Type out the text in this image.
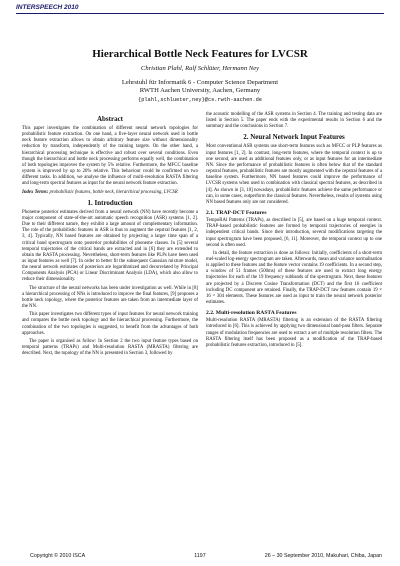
INTERSPEECH 2010
Hierarchical Bottle Neck Features for LVCSR
Christian Plahl, Ralf Schlüter, Hermann Ney
Lehrstuhl für Informatik 6 - Computer Science Department
RWTH Aachen University, Aachen, Germany
{plahl,schlueter,ney}@cs.rwth-aachen.de
Abstract

This paper investigates the combination of different neural network topologies for probabilistic feature extraction. On one hand, a five-layer neural network used in bottle neck feature extraction allows to obtain arbitrary feature size without dimensionality reduction by transform, independently of the training targets. On the other hand, a hierarchical processing technique is effective and robust over several conditions. Even though the hierarchical and bottle neck processing performs equally well, the combination of both topologies improves the system by 5% relative. Furthermore, the MFCC baseline system is improved by up to 20% relative. This behaviour could be confirmed on two different tasks. In addition, we analyse the influence of multi-resolution RASTA filtering and long-term spectral features as input for the neural network feature extraction.

Index Terms: probabilistic features, bottle neck, hierarchical processing, LVCSR

1. Introduction

Phoneme posterior estimates derived from a neural network (NN) have recently become a major component of state-of-the-art automatic speech recognition (ASR) systems [1, 2]. Due to their different nature, they exhibit a large amount of complementary information. The role of the probabilistic features in ASR is thus to augment the cepstral features [1, 2, 3, 4]. Typically, NN based features are obtained by projecting a larger time span of a critical band spectrogram onto posterior probabilities of phoneme classes. In [5] several temporal trajectories of the critical bands are extracted and in [6] they are extended to obtain the RASTA processing. Nevertheless, short-term features like PLPs have been used as input features as well [7]. In order to better fit the subsequent Gaussian mixture model, the neural network estimates of posteriors are logarithmized and decorrelated by Principal Components Analysis (PCA) or Linear Discriminant Analysis (LDA), which also allow to reduce their dimensionality.

The structure of the neural networks has been under investigation as well. While in [8] a hierarchical processing of NNs is introduced to improve the final features, [9] proposes a bottle neck topology, where the posterior features are taken from an intermediate layer of the NN.

This paper investigates two different types of input features for neural network training and compares the bottle neck topology and the hierarchical processing. Furthermore, the combination of the two topologies is suggested, to benefit from the advantages of both approaches.

The paper is organised as follow: In Section 2 the two input feature types based on temporal patterns (TRAPs) and Multi-resolution RASTA (MRASTA) filtering are described. Next, the topology of the NN is presented in Section 3, followed by

the acoustic modelling of the ASR systems in Section 4. The training and testing data are listed in Section 5. The paper ends with the experimental results in Section 6 and the summary and the conclusions in Section 7.

2. Neural Network Input Features

Most conventional ASR systems use short-term features such as MFCC or PLP features as input features [1, 2]. In contrast, long-term features, where the temporal context is up to one second, are used as additional features only, or as input features for an intermediate NN. Since the performance of probabilistic features is often below that of the standard cepstral features, probabilistic features are mostly augmented with the cepstral features of a baseline system. Furthermore, NN based features could improve the performance of LVCSR systems when used in combination with classical spectral features, as described in [4]. As shown in [3, 10] nowadays, probabilistic features achieve the same performance or can, in some cases, outperform the classical features. Nevertheless, results of systems using NN based features only are not considered.

2.1. TRAP-DCT Features

TempoRAl Patterns (TRAPs), as described in [5], are based on a huge temporal context. TRAP-based probabilistic features are formed by temporal trajectories of energies in independent critical bands. Since their introduction, several modifications targeting the input spectrogram have been proposed, [6, 11]. Moreover, the temporal context up to one second is often used.

In detail, the feature extraction is done as follows: Initially, coefficients of a short-term mel-scaled log-energy spectrogram are taken. Afterwards, mean and variance normalisation is applied to these features and the feature vector contains 19 coefficients. In a second step, a window of 51 frames (500ms) of these features are used to extract long energy trajectories for each of the 19 frequency subbands of the spectrogram. Next, these features are projected by a Discrete Cosine Transformation (DCT) and the first 16 coefficient including DC component are retained. Finally, the TRAP-DCT raw features contain 19 × 16 = 304 elements. These features are used as input to train the neural network posterior estimates.

2.2. Multi-resolution RASTA Features

Multi-resolution RASTA (MRASTA) filtering is an extension of the RASTA filtering introduced in [6]. This is achieved by applying two dimensional band-pass filters. Separate ranges of modulation frequencies are used to extract a set of multiple resolution filters. The RASTA filtering itself has been proposed as a modification of the TRAP-based probabilistic features extraction, introduced in [5].

Copyright © 2010 ISCA	1197	26 – 30 September 2010, Makuhari, Chiba, Japan
